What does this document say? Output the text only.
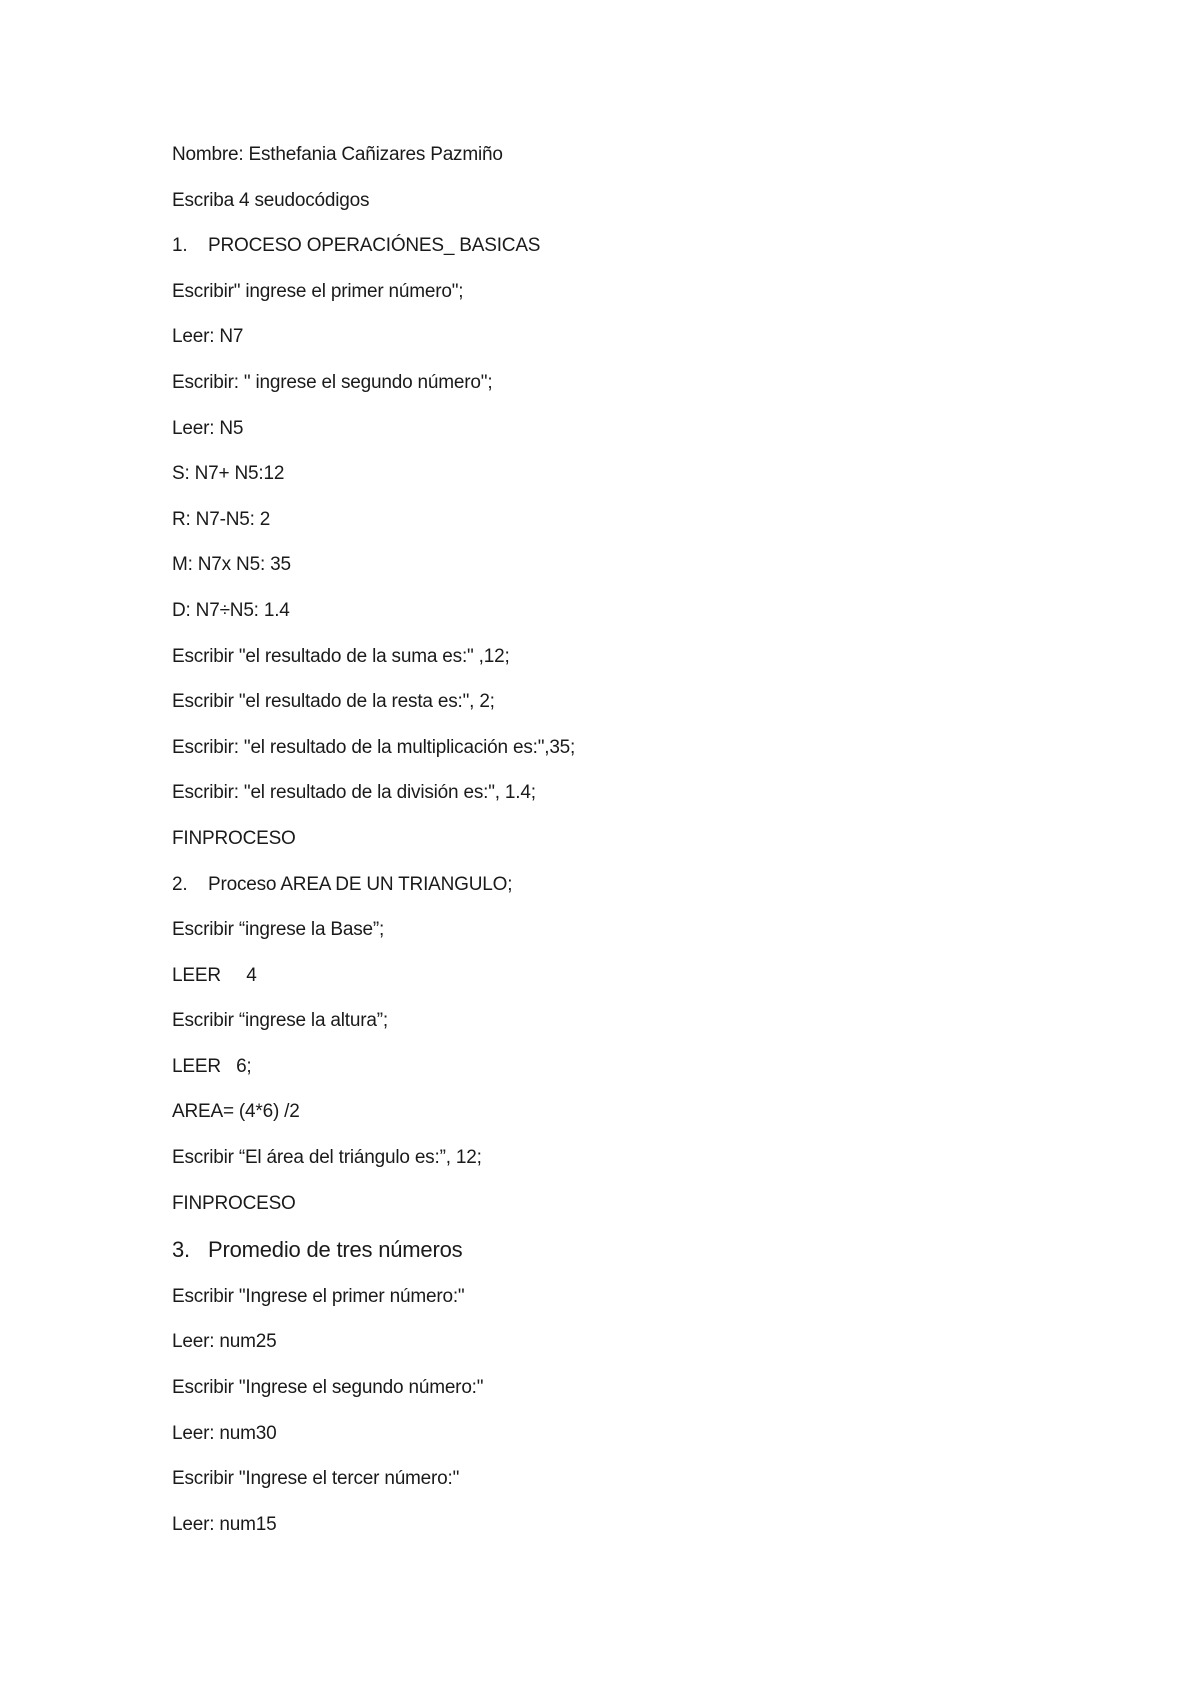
Nombre: Esthefania Cañizares Pazmiño
Escriba 4 seudocódigos
1. PROCESO OPERACIÓNES_ BASICAS
Escribir" ingrese el primer número";
Leer: N7
Escribir: " ingrese el segundo número";
Leer: N5
S: N7+ N5:12
R: N7-N5: 2
M: N7x N5: 35
D: N7÷N5: 1.4
Escribir "el resultado de la suma es:" ,12;
Escribir "el resultado de la resta es:", 2;
Escribir: "el resultado de la multiplicación es:",35;
Escribir: "el resultado de la división es:", 1.4;
FINPROCESO
2. Proceso AREA DE UN TRIANGULO;
Escribir “ingrese la Base”;
LEER     4
Escribir “ingrese la altura”;
LEER   6;
AREA= (4*6) /2
Escribir “El área del triángulo es:”, 12;
FINPROCESO
3. Promedio de tres números
Escribir "Ingrese el primer número:"
Leer: num25
Escribir "Ingrese el segundo número:"
Leer: num30
Escribir "Ingrese el tercer número:"
Leer: num15
